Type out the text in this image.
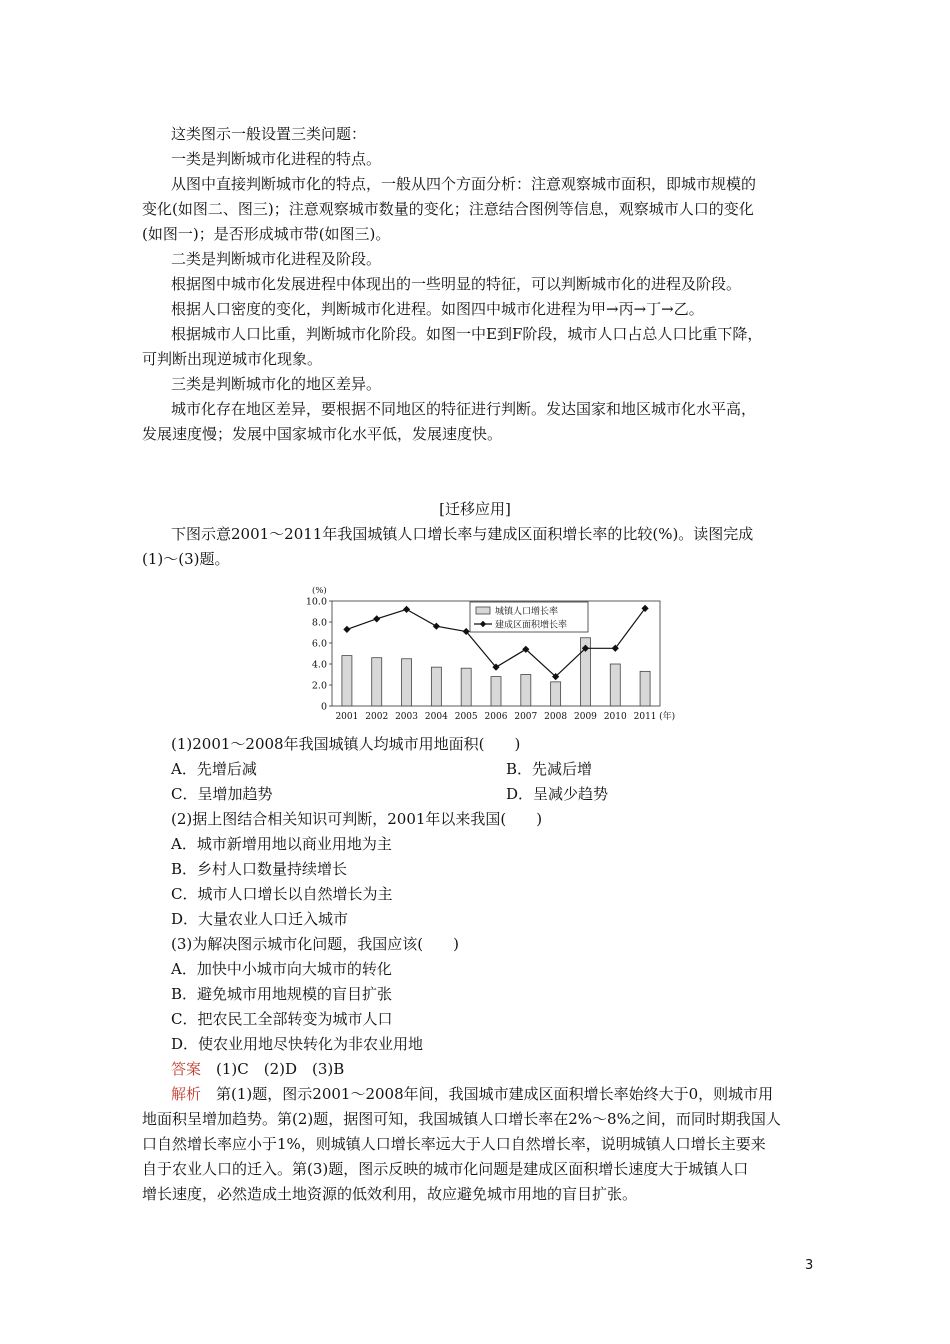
这类图示一般设置三类问题：
一类是判断城市化进程的特点。
从图中直接判断城市化的特点，一般从四个方面分析：注意观察城市面积，即城市规模的
变化(如图二、图三)；注意观察城市数量的变化；注意结合图例等信息，观察城市人口的变化
(如图一)；是否形成城市带(如图三)。
二类是判断城市化进程及阶段。
根据图中城市化发展进程中体现出的一些明显的特征，可以判断城市化的进程及阶段。
根据人口密度的变化，判断城市化进程。如图四中城市化进程为甲→丙→丁→乙。
根据城市人口比重，判断城市化阶段。如图一中E到F阶段，城市人口占总人口比重下降，
可判断出现逆城市化现象。
三类是判断城市化的地区差异。
城市化存在地区差异，要根据不同地区的特征进行判断。发达国家和地区城市化水平高，
发展速度慢；发展中国家城市化水平低，发展速度快。
[迁移应用]
下图示意2001～2011年我国城镇人口增长率与建成区面积增长率的比较(%)。读图完成
(1)～(3)题。
0
2.0
4.0
6.0
8.0
10.0
(%)
2001 2002 2003 2004 2005 2006 2007 2008 2009 2010 2011 (年)
城镇人口增长率
建成区面积增长率
(1)2001～2008年我国城镇人均城市用地面积(　　)
A．先增后减	B．先减后增
C．呈增加趋势	D．呈减少趋势
(2)据上图结合相关知识可判断，2001年以来我国(　　)
A．城市新增用地以商业用地为主
B．乡村人口数量持续增长
C．城市人口增长以自然增长为主
D．大量农业人口迁入城市
(3)为解决图示城市化问题，我国应该(　　)
A．加快中小城市向大城市的转化
B．避免城市用地规模的盲目扩张
C．把农民工全部转变为城市人口
D．使农业用地尽快转化为非农业用地
答案　 (1)C　(2)D　(3)B
解析　 第(1)题，图示2001～2008年间，我国城市建成区面积增长率始终大于0，则城市用
地面积呈增加趋势。第(2)题，据图可知，我国城镇人口增长率在2%～8%之间，而同时期我国人
口自然增长率应小于1%，则城镇人口增长率远大于人口自然增长率，说明城镇人口增长主要来
自于农业人口的迁入。第(3)题，图示反映的城市化问题是建成区面积增长速度大于城镇人口
增长速度，必然造成土地资源的低效利用，故应避免城市用地的盲目扩张。
3
